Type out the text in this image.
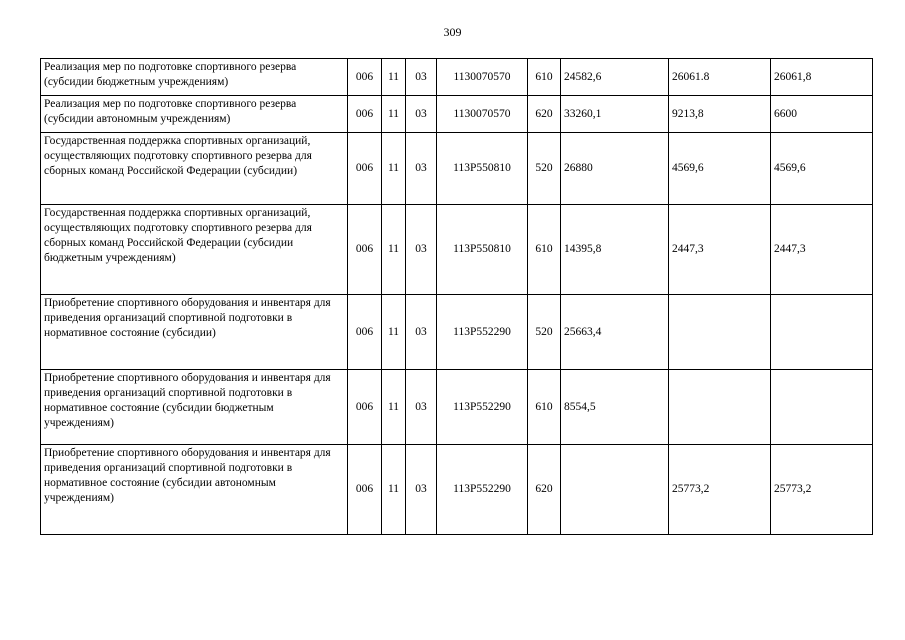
309
Реализация мер по подготовке спортивного резерва (субсидии бюджетным учреждениям)	006	11	03	1130070570	610	24582,6	26061.8	26061,8
Реализация мер по подготовке спортивного резерва (субсидии автономным учреждениям)	006	11	03	1130070570	620	33260,1	9213,8	6600
Государственная поддержка спортивных организаций, осуществляющих подготовку спортивного резерва для сборных команд Российской Федерации (субсидии)	006	11	03	113P550810	520	26880	4569,6	4569,6
Государственная поддержка спортивных организаций, осуществляющих подготовку спортивного резерва для сборных команд Российской Федерации (субсидии бюджетным учреждениям)	006	11	03	113P550810	610	14395,8	2447,3	2447,3
Приобретение спортивного оборудования и инвентаря для приведения организаций спортивной подготовки в нормативное состояние (субсидии)	006	11	03	113P552290	520	25663,4		
Приобретение спортивного оборудования и инвентаря для приведения организаций спортивной подготовки в нормативное состояние (субсидии бюджетным учреждениям)	006	11	03	113P552290	610	8554,5		
Приобретение спортивного оборудования и инвентаря для приведения организаций спортивной подготовки в нормативное состояние (субсидии автономным учреждениям)	006	11	03	113P552290	620		25773,2	25773,2
